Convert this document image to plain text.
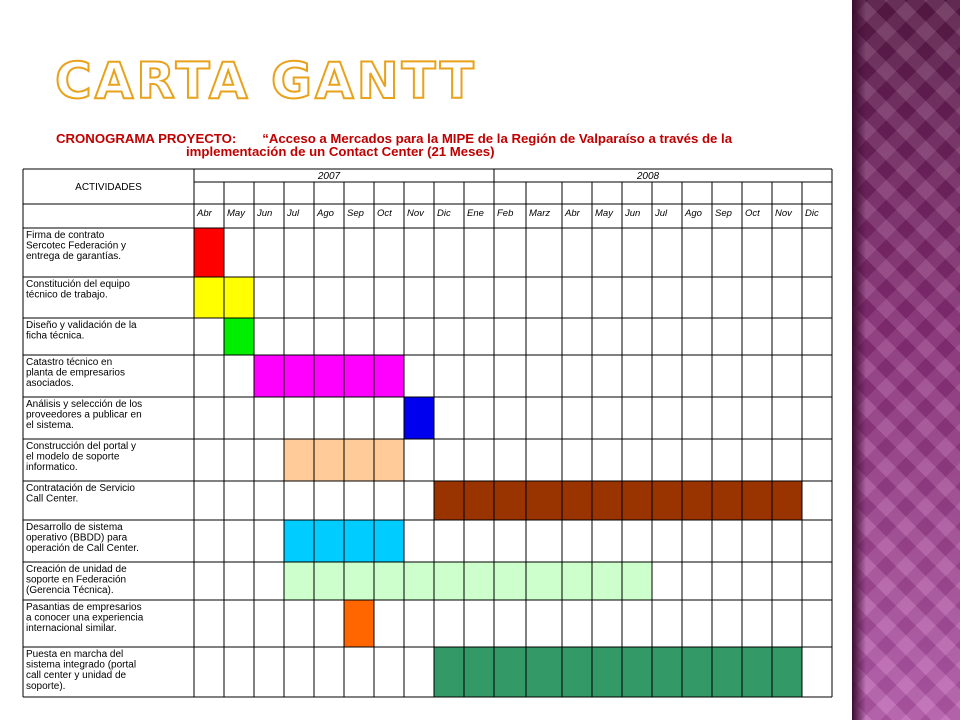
CARTA GANTT
CRONOGRAMA PROYECTO: “Acceso a Mercados para la MIPE de la Región de Valparaíso a través de la
implementación de un Contact Center (21 Meses)
ACTIVIDADES
2007	2008
Abr May Jun Jul Ago Sep Oct Nov Dic Ene Feb Marz Abr May Jun Jul Ago Sep Oct Nov Dic
Firma de contrato
Sercotec Federación y
entrega de garantías.
Constitución del equipo
técnico de trabajo.
Diseño y validación de la
ficha técnica.
Catastro técnico en
planta de empresarios
asociados.
Análisis y selección de los
proveedores a publicar en
el sistema.
Construcción del portal y
el modelo de soporte
informatico.
Contratación de Servicio
Call Center.
Desarrollo de sistema
operativo (BBDD) para
operación de Call Center.
Creación de unidad de
soporte en Federación
(Gerencia Técnica).
Pasantias de empresarios
a conocer una experiencia
internacional similar.
Puesta en marcha del
sistema integrado (portal
call center y unidad de
soporte).
